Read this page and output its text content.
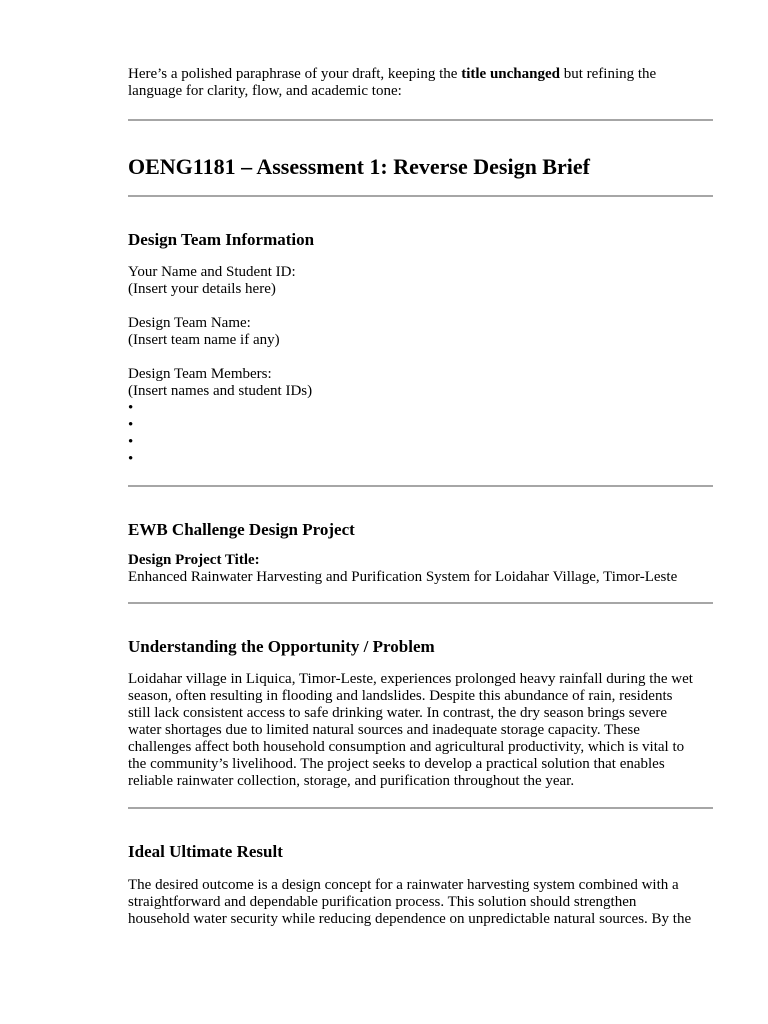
Here’s a polished paraphrase of your draft, keeping the title unchanged but refining the language for clarity, flow, and academic tone:

OENG1181 – Assessment 1: Reverse Design Brief
Design Team Information

Your Name and Student ID:

(Insert your details here)

Design Team Name:

(Insert team name if any)

Design Team Members:

(Insert names and student IDs)

•
•
•
•
EWB Challenge Design Project

Design Project Title:

Enhanced Rainwater Harvesting and Purification System for Loidahar Village, Timor-Leste

Understanding the Opportunity / Problem

Loidahar village in Liquica, Timor-Leste, experiences prolonged heavy rainfall during the wet
season, often resulting in flooding and landslides. Despite this abundance of rain, residents
still lack consistent access to safe drinking water. In contrast, the dry season brings severe
water shortages due to limited natural sources and inadequate storage capacity. These
challenges affect both household consumption and agricultural productivity, which is vital to
the community’s livelihood. The project seeks to develop a practical solution that enables
reliable rainwater collection, storage, and purification throughout the year.

Ideal Ultimate Result

The desired outcome is a design concept for a rainwater harvesting system combined with a
straightforward and dependable purification process. This solution should strengthen
household water security while reducing dependence on unpredictable natural sources. By the
